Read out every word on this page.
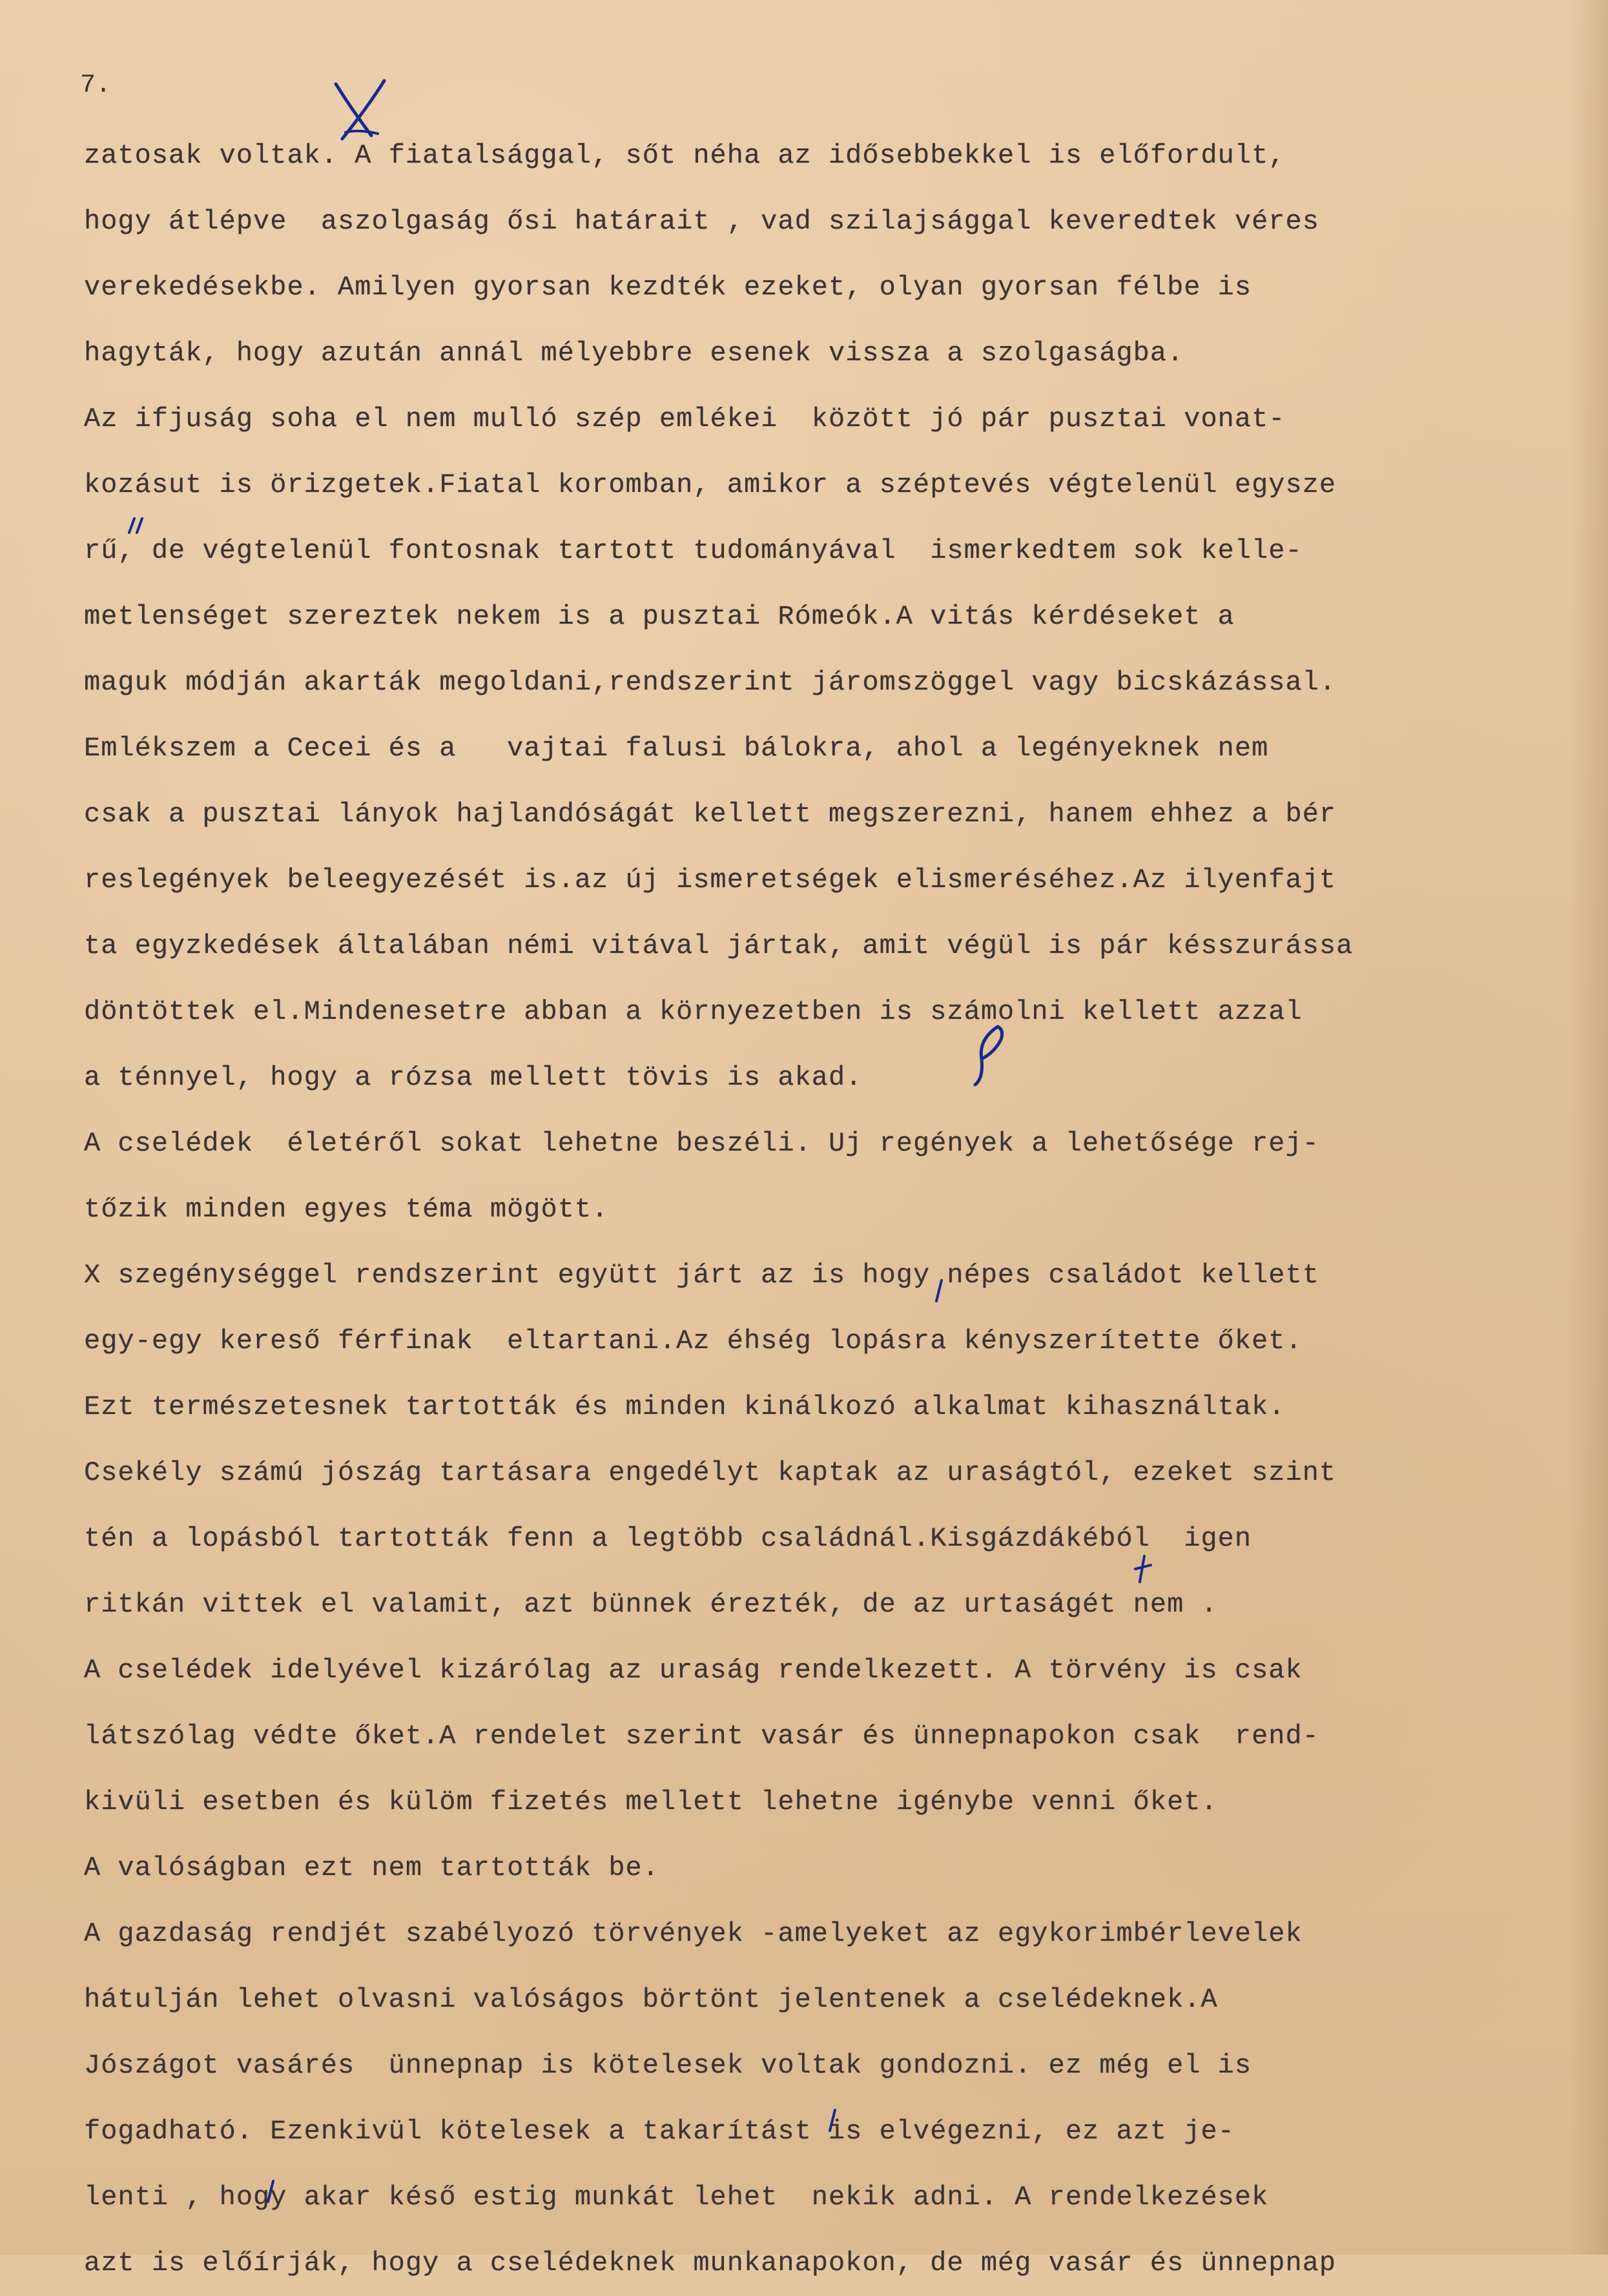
7.
zatosak voltak. A fiatalsággal, sőt néha az idősebbekkel is előfordult,
hogy átlépve  aszolgaság ősi határait , vad szilajsággal keveredtek véres
verekedésekbe. Amilyen gyorsan kezdték ezeket, olyan gyorsan félbe is
hagyták, hogy azután annál mélyebbre esenek vissza a szolgaságba.
Az ifjuság soha el nem mulló szép emlékei  között jó pár pusztai vonat-
kozásut is örizgetek.Fiatal koromban, amikor a széptevés végtelenül egysze
rű, de végtelenül fontosnak tartott tudományával  ismerkedtem sok kelle-
metlenséget szereztek nekem is a pusztai Rómeók.A vitás kérdéseket a
maguk módján akarták megoldani,rendszerint járomszöggel vagy bicskázással.
Emlékszem a Cecei és a   vajtai falusi bálokra, ahol a legényeknek nem
csak a pusztai lányok hajlandóságát kellett megszerezni, hanem ehhez a bér
reslegények beleegyezését is.az új ismeretségek elismeréséhez.Az ilyenfajt
ta egyzkedések általában némi vitával jártak, amit végül is pár késszurássa
döntöttek el.Mindenesetre abban a környezetben is számolni kellett azzal
a ténnyel, hogy a rózsa mellett tövis is akad.
A cselédek  életéről sokat lehetne beszéli. Uj regények a lehetősége rej-
tőzik minden egyes téma mögött.
X szegénységgel rendszerint együtt járt az is hogy népes családot kellett
egy-egy kereső férfinak  eltartani.Az éhség lopásra kényszerítette őket.
Ezt természetesnek tartották és minden kinálkozó alkalmat kihasználtak.
Csekély számú jószág tartásara engedélyt kaptak az uraságtól, ezeket szint
tén a lopásból tartották fenn a legtöbb családnál.Kisgázdákéból  igen
ritkán vittek el valamit, azt bünnek érezték, de az urtaságét nem .
A cselédek idelyével kizárólag az uraság rendelkezett. A törvény is csak
látszólag védte őket.A rendelet szerint vasár és ünnepnapokon csak  rend-
kivüli esetben és külöm fizetés mellett lehetne igénybe venni őket.
A valóságban ezt nem tartották be.
A gazdaság rendjét szabélyozó törvények -amelyeket az egykorimbérlevelek
hátulján lehet olvasni valóságos börtönt jelentenek a cselédeknek.A
Jószágot vasárés  ünnepnap is kötelesek voltak gondozni. ez még el is
fogadható. Ezenkivül kötelesek a takarítást is elvégezni, ez azt je-
lenti , hogy akar késő estig munkát lehet  nekik adni. A rendelkezések
azt is előírják, hogy a cselédeknek munkanapokon, de még vasár és ünnepnap
